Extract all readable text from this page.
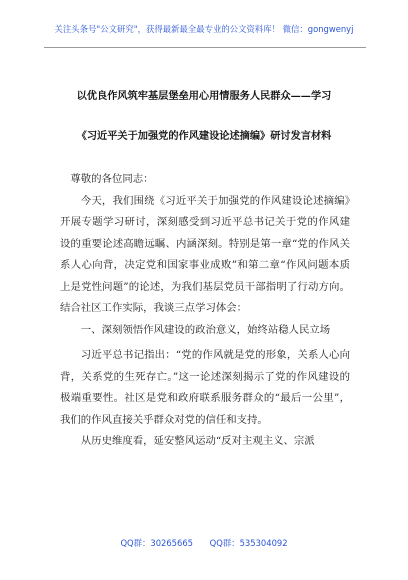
关注头条号"公文研究"，获得最新最全最专业的公文资料库！ 微信：gongwenyj
以优良作风筑牢基层堡垒用心用情服务人民群众——学习
《习近平关于加强党的作风建设论述摘编》研讨发言材料

尊敬的各位同志：

今天，我们围绕《习近平关于加强党的作风建设论述摘编》开展专题学习研讨，深刻感受到习近平总书记关于党的作风建设的重要论述高瞻远瞩、内涵深刻。特别是第一章“党的作风关系人心向背，决定党和国家事业成败”和第二章“作风问题本质上是党性问题”的论述，为我们基层党员干部指明了行动方向。结合社区工作实际，我谈三点学习体会：

一、深刻领悟作风建设的政治意义，始终站稳人民立场

习近平总书记指出：“党的作风就是党的形象，关系人心向背，关系党的生死存亡。”这一论述深刻揭示了党的作风建设的极端重要性。社区是党和政府联系服务群众的“最后一公里”，我们的作风直接关乎群众对党的信任和支持。

从历史维度看，延安整风运动“反对主观主义、宗派

QQ群：30265665 QQ群：535304092
